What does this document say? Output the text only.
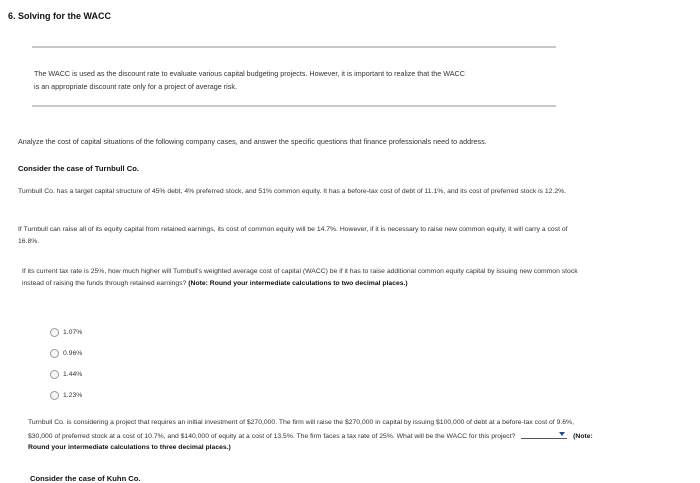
6. Solving for the WACC
The WACC is used as the discount rate to evaluate various capital budgeting projects. However, it is important to realize that the WACC
is an appropriate discount rate only for a project of average risk.
Analyze the cost of capital situations of the following company cases, and answer the specific questions that finance professionals need to address.
Consider the case of Turnbull Co.
Turnbull Co. has a target capital structure of 45% debt, 4% preferred stock, and 51% common equity. It has a before-tax cost of debt of 11.1%, and its cost of preferred stock is 12.2%.
If Turnbull can raise all of its equity capital from retained earnings, its cost of common equity will be 14.7%. However, if it is necessary to raise new common equity, it will carry a cost of 16.8%.
If its current tax rate is 25%, how much higher will Turnbull's weighted average cost of capital (WACC) be if it has to raise additional common equity capital by issuing new common stock instead of raising the funds through retained earnings? (Note: Round your intermediate calculations to two decimal places.)
1.07%
0.96%
1.44%
1.23%
Turnbull Co. is considering a project that requires an initial investment of $270,000. The firm will raise the $270,000 in capital by issuing $100,000 of debt at a before-tax cost of 9.6%, $30,000 of preferred stock at a cost of 10.7%, and $140,000 of equity at a cost of 13.5%. The firm faces a tax rate of 25%. What will be the WACC for this project?	(Note: Round your intermediate calculations to three decimal places.)
Consider the case of Kuhn Co.
